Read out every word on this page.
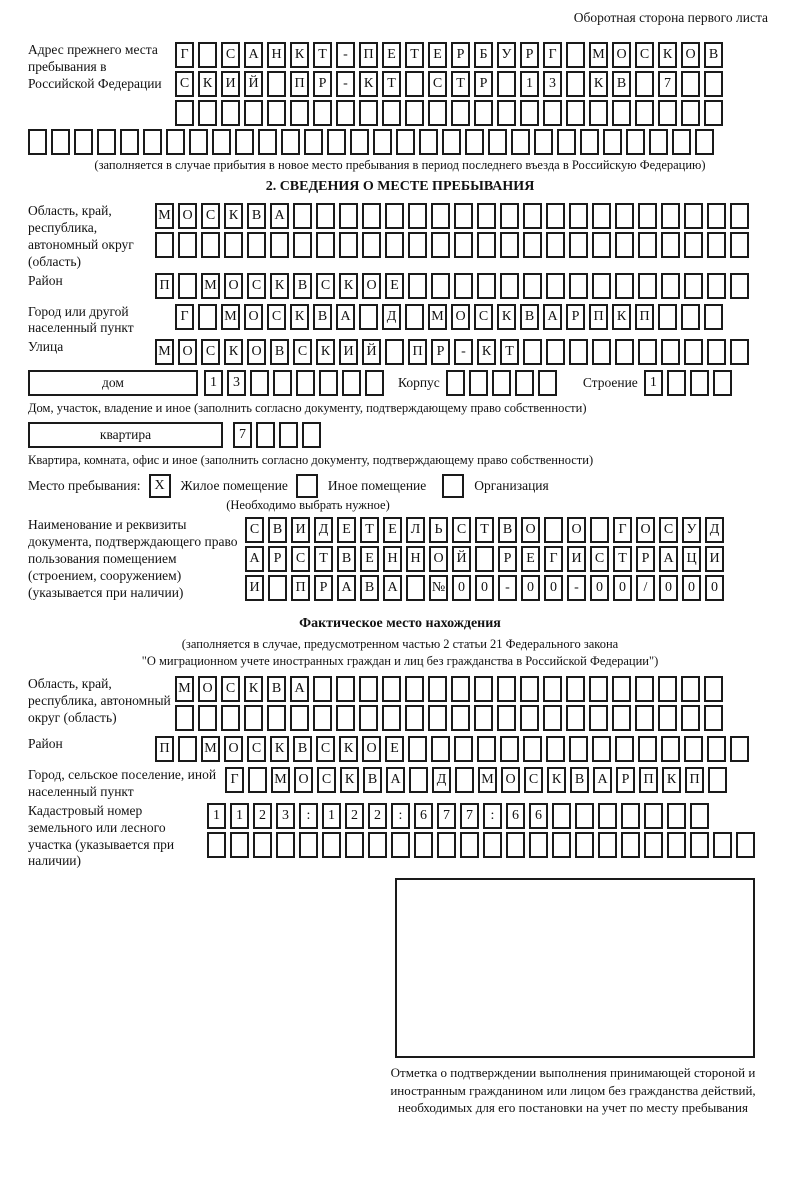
Оборотная сторона первого листа
Адрес прежнего места пребывания в Российской Федерации
Г	С А Н К	Т	-	П Е	Т	Е	Р	Б	У	Р	Г	М О С К О В
С К И Й	П	Р	-	К	Т	С	Т	Р	1	3	К В	7
(заполняется в случае прибытия в новое место пребывания в период последнего въезда в Российскую Федерацию)
2. СВЕДЕНИЯ О МЕСТЕ ПРЕБЫВАНИЯ
Область, край, республика, автономный округ (область)
М О С К В А
Район	П	М О С К В С К О Е
Город или другой населенный пункт
Г	М О С К В А	Д	М О С К В А	Р	П К П
Улица	М О С К О В С К И Й	П	Р	-	К	Т
дом	1	3	Корпус	Строение 1
Дом, участок, владение и иное (заполнить согласно документу, подтверждающему право собственности)
квартира	7
Квартира, комната, офис и иное (заполнить согласно документу, подтверждающему право собственности)
Место пребывания: X	Жилое помещение	Иное помещение	Организация
(Необходимо выбрать нужное)
Наименование и реквизиты документа, подтверждающего право пользования помещением (строением, сооружением) (указывается при наличии)
С В И Д Е	Т	Е Л	Ь	С	Т	В О	О	Г О С У Д
А	Р	С	Т	В	Е Н Н О Й	Р	Е	Г И С	Т	Р	А Ц И
И	П	Р	А В А	№ 0	0	-	0	0	-	0	0	/	0	0	0
Фактическое место нахождения
(заполняется в случае, предусмотренном частью 2 статьи 21 Федерального закона
"О миграционном учете иностранных граждан и лиц без гражданства в Российской Федерации")
Область, край, республика, автономный округ (область)
М О С К В А
Район	П	М О С К В С К О Е
Город, сельское поселение, иной населенный пункт
Г	М О С К В А	Д	М О С К В А	Р	П К П
Кадастровый номер земельного или лесного участка (указывается при наличии)
1	1	2	3	:	1	2	2	:	6	7	7	:	6	6
Отметка о подтверждении выполнения принимающей стороной и иностранным гражданином или лицом без гражданства действий, необходимых для его постановки на учет по месту пребывания
